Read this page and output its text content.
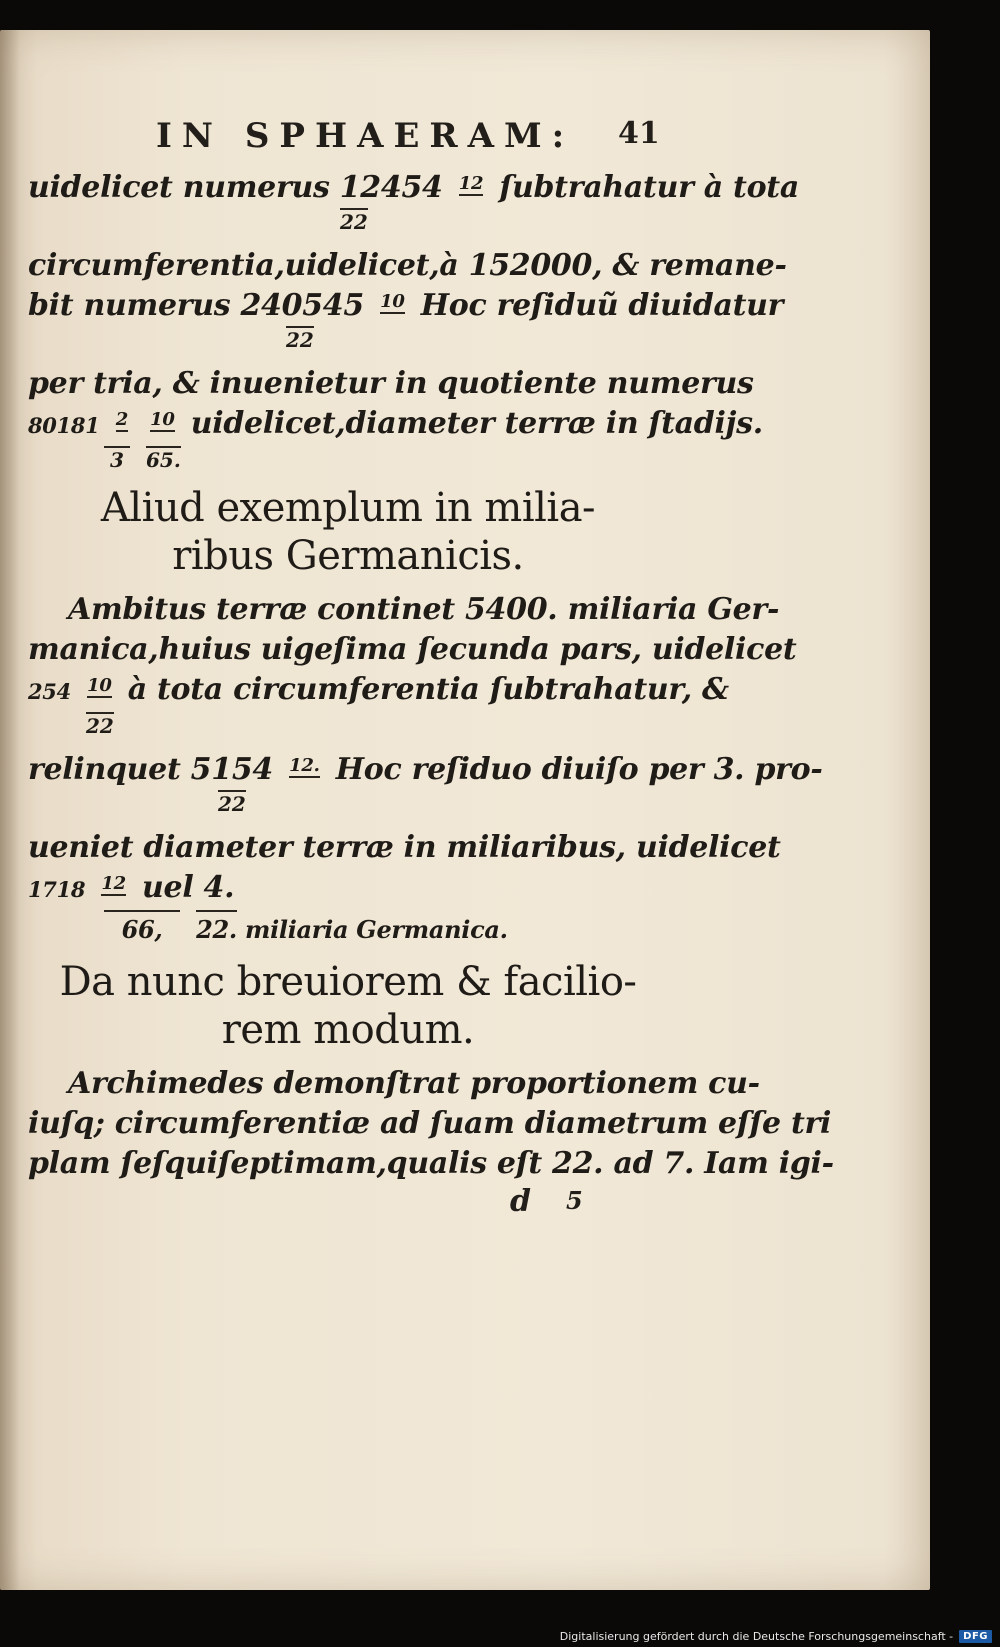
IN SPHAERAM: 41
uidelicet numerus 12454 $^{12}$ ſubtrahatur à tota
22
circumferentia,uidelicet,à 152000, & remane-
bit numerus 240545 $^{10}$ Hoc reſiduũ diuidatur
22
per tria, & inuenietur in quotiente numerus
80181 $^2$ $^{10}$ uidelicet,diameter terræ in ſtadijs.
3	65.
Aliud exemplum in milia-
ribus Germanicis.
Ambitus terræ continet 5400. miliaria Ger-
manica,huius uigeſima ſecunda pars, uidelicet
254 $^{10}$ à tota circumferentia ſubtrahatur, &
22
relinquet 5154 $^{12.}$ Hoc reſiduo diuiſo per 3. pro-
22
ueniet diameter terræ in miliaribus, uidelicet
1718 $^{12}$ uel 4.
66, 22. miliaria Germanica.
Da nunc breuiorem & facilio-
rem modum.
Archimedes demonſtrat proportionem cu-
iuſq; circumferentiæ ad ſuam diametrum eſſe tri
plam ſeſquiſeptimam,qualis eſt 22. ad 7. Iam igi-
d 5
Digitalisierung gefördert durch die Deutsche Forschungsgemeinschaft -	DFG
